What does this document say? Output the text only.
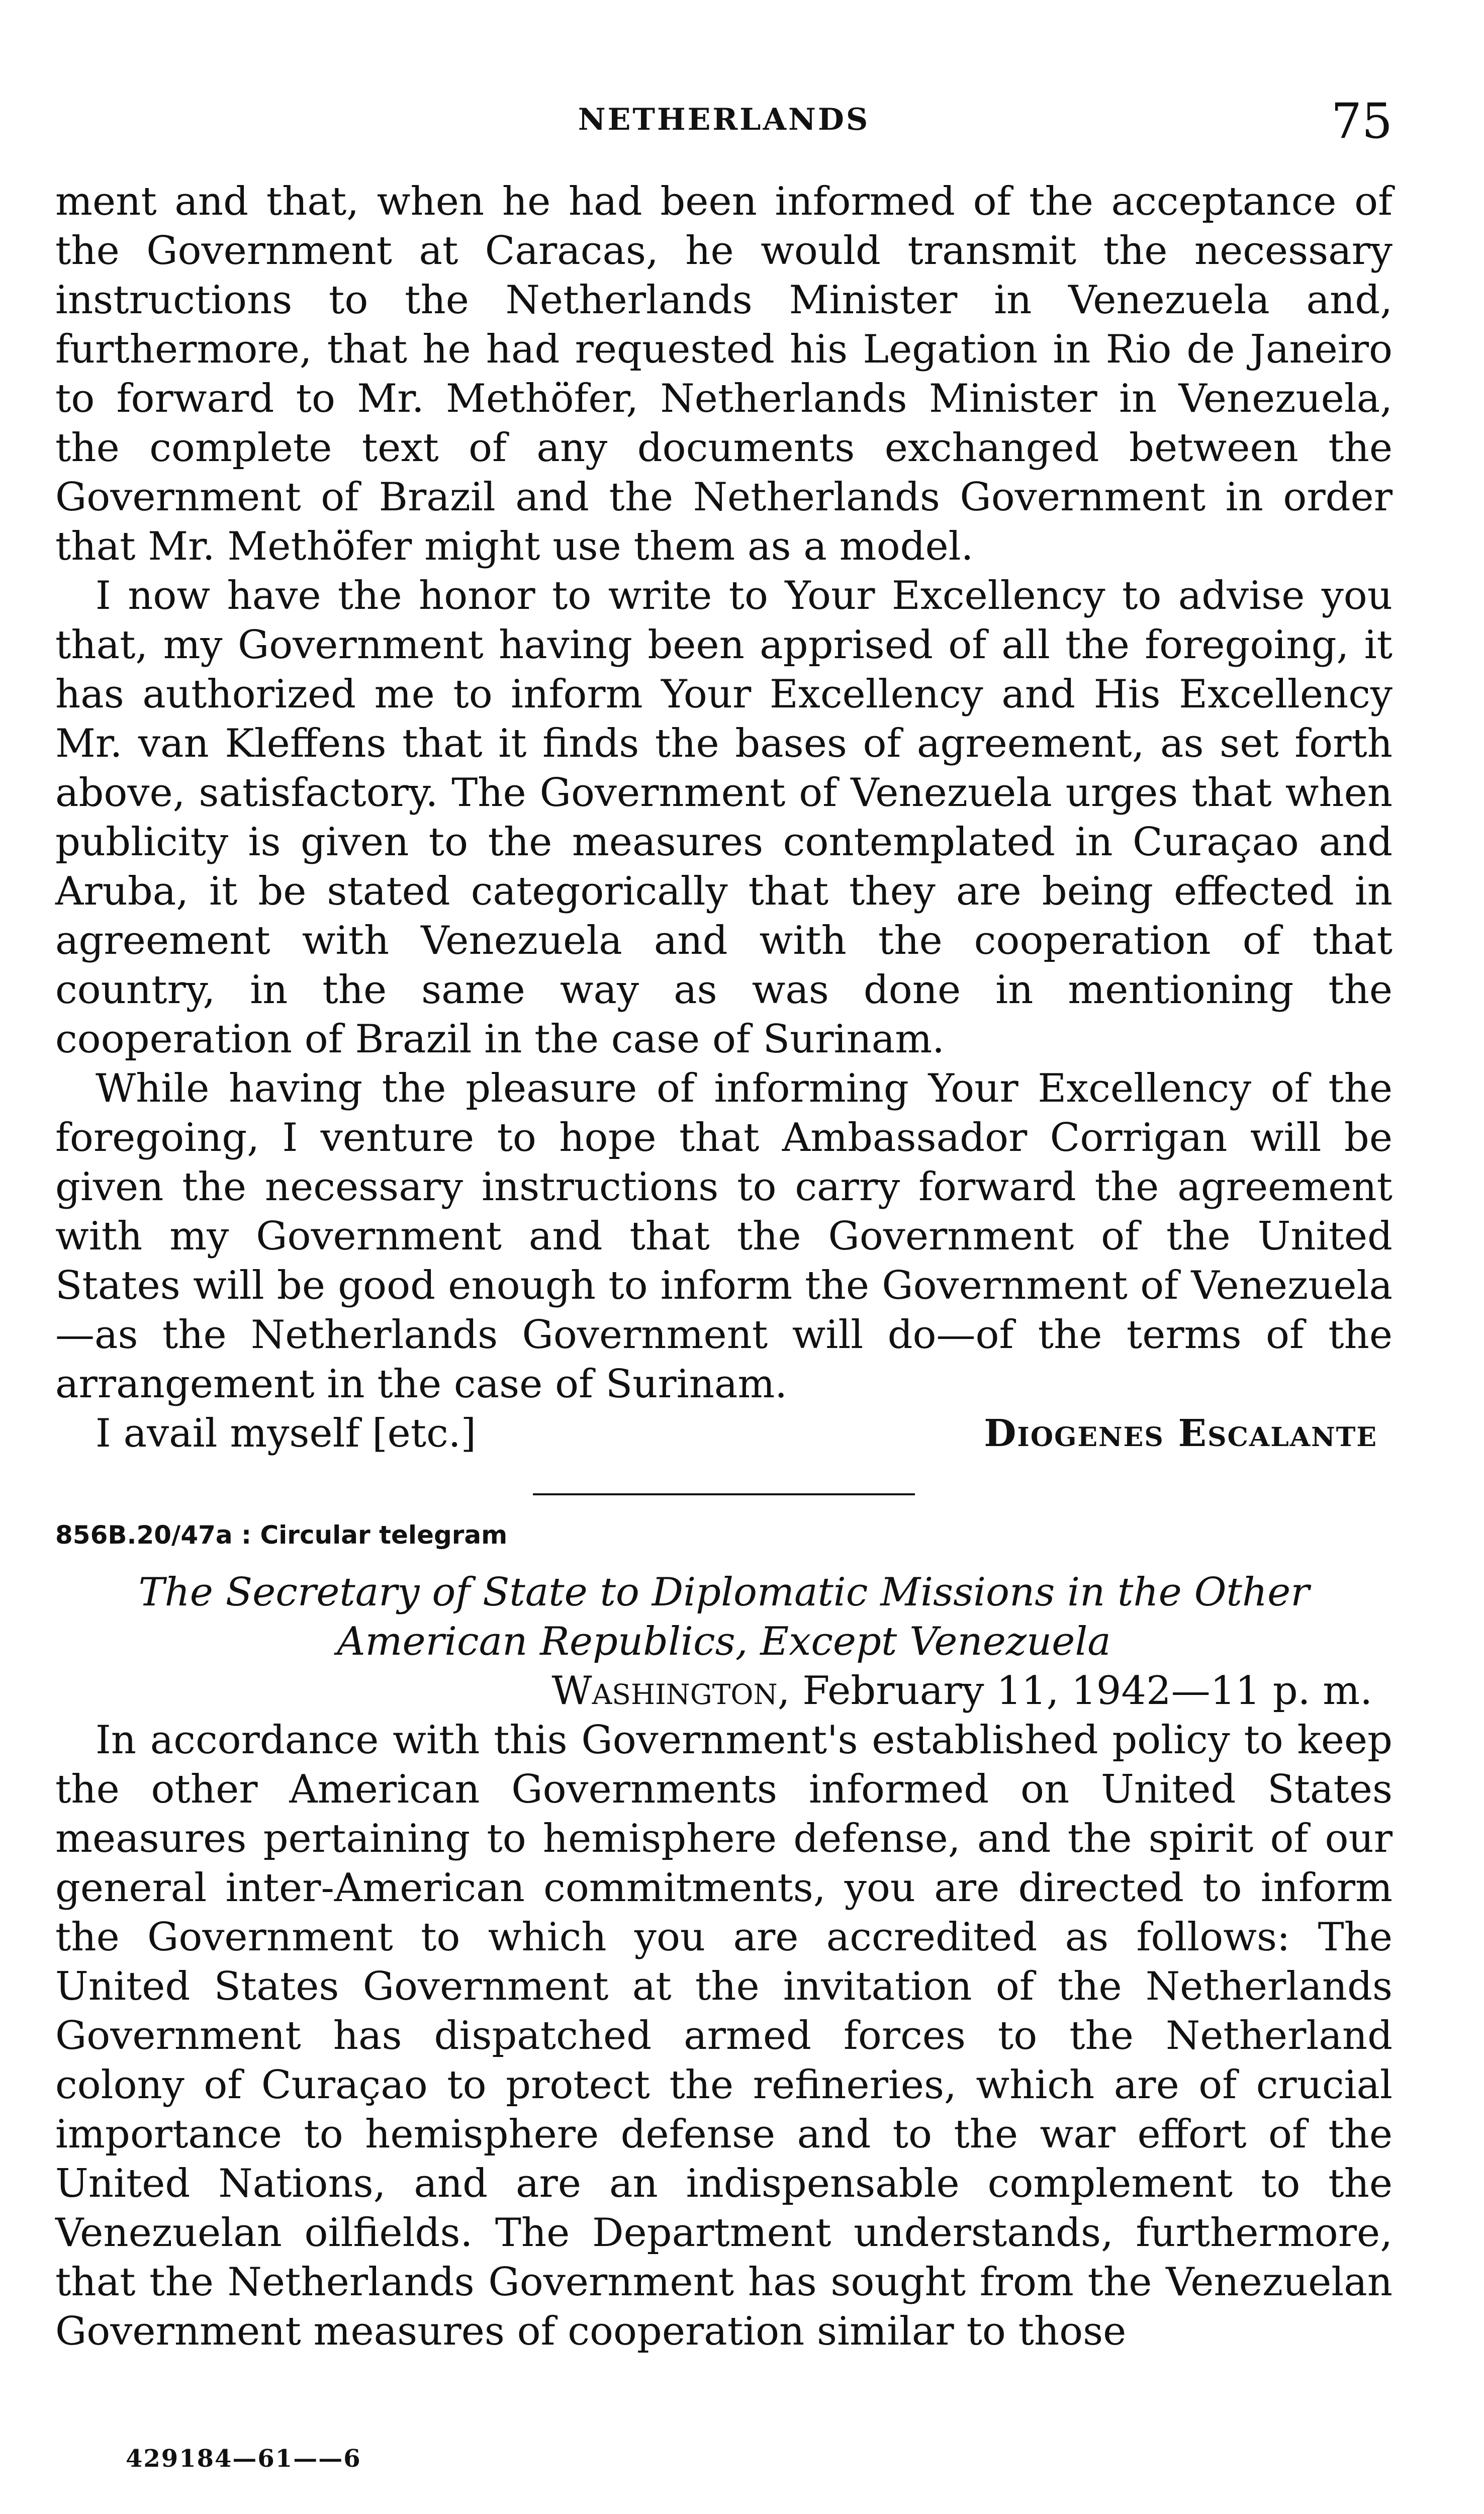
NETHERLANDS	75

ment and that, when he had been informed of the acceptance of the Government at Caracas, he would transmit the necessary instructions to the Netherlands Minister in Venezuela and, furthermore, that he had requested his Legation in Rio de Janeiro to forward to Mr. Methöfer, Netherlands Minister in Venezuela, the complete text of any documents exchanged between the Government of Brazil and the Netherlands Government in order that Mr. Methöfer might use them as a model.

I now have the honor to write to Your Excellency to advise you that, my Government having been apprised of all the foregoing, it has authorized me to inform Your Excellency and His Excellency Mr. van Kleffens that it finds the bases of agreement, as set forth above, satisfactory. The Government of Venezuela urges that when publicity is given to the measures contemplated in Curaçao and Aruba, it be stated categorically that they are being effected in agreement with Venezuela and with the cooperation of that country, in the same way as was done in mentioning the cooperation of Brazil in the case of Surinam.

While having the pleasure of informing Your Excellency of the foregoing, I venture to hope that Ambassador Corrigan will be given the necessary instructions to carry forward the agreement with my Government and that the Government of the United States will be good enough to inform the Government of Venezuela—as the Netherlands Government will do—of the terms of the arrangement in the case of Surinam.

I avail myself [etc.]	Diogenes Escalante

856B.20/47a : Circular telegram

The Secretary of State to Diplomatic Missions in the Other American Republics, Except Venezuela

Washington, February 11, 1942—11 p. m.

In accordance with this Government's established policy to keep the other American Governments informed on United States measures pertaining to hemisphere defense, and the spirit of our general inter-American commitments, you are directed to inform the Government to which you are accredited as follows: The United States Government at the invitation of the Netherlands Government has dispatched armed forces to the Netherland colony of Curaçao to protect the refineries, which are of crucial importance to hemisphere defense and to the war effort of the United Nations, and are an indispensable complement to the Venezuelan oilfields. The Department understands, furthermore, that the Netherlands Government has sought from the Venezuelan Government measures of cooperation similar to those

429184—61——6
